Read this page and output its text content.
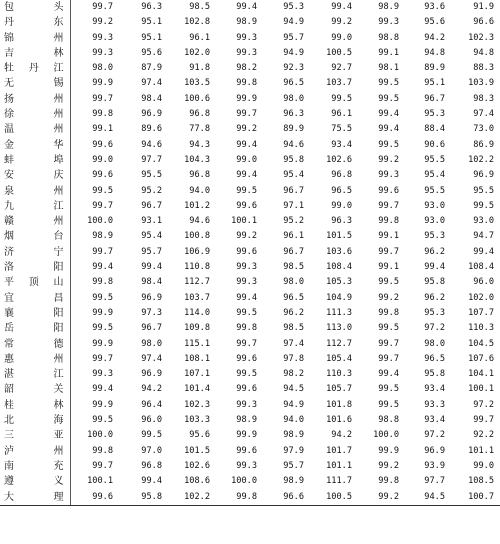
包　　头	99.7	96.3	98.5	99.4	95.3	99.4	98.9	93.6	91.9
丹　　东	99.2	95.1	102.8	98.9	94.9	99.2	99.3	95.6	96.6
锦　　州	99.3	95.1	96.1	99.3	95.7	99.0	98.8	94.2	102.3
吉　　林	99.3	95.6	102.0	99.3	94.9	100.5	99.1	94.8	94.8
牡丹江	98.0	87.9	91.8	98.2	92.3	92.7	98.1	89.9	88.3
无　　锡	99.9	97.4	103.5	99.8	96.5	103.7	99.5	95.1	103.9
扬　　州	99.7	98.4	100.6	99.9	98.0	99.5	99.5	96.7	98.3
徐　　州	99.8	96.9	96.8	99.7	96.3	96.1	99.4	95.3	97.4
温　　州	99.1	89.6	77.8	99.2	89.9	75.5	99.4	88.4	73.0
金　　华	99.6	94.6	94.3	99.4	94.6	93.4	99.5	90.6	86.9
蚌　　埠	99.0	97.7	104.3	99.0	95.8	102.6	99.2	95.5	102.2
安　　庆	99.6	95.5	96.8	99.4	95.4	96.8	99.3	95.4	96.9
泉　　州	99.5	95.2	94.0	99.5	96.7	96.5	99.6	95.5	95.5
九　　江	99.7	96.7	101.2	99.6	97.1	99.0	99.7	93.0	99.5
赣　　州	100.0	93.1	94.6	100.1	95.2	96.3	99.8	93.0	93.0
烟　　台	98.9	95.4	100.8	99.2	96.1	101.5	99.1	95.3	94.7
济　　宁	99.7	95.7	106.9	99.6	96.7	103.6	99.7	96.2	99.4
洛　　阳	99.4	99.4	110.8	99.3	98.5	108.4	99.1	99.4	108.4
平顶山	99.8	98.4	112.7	99.3	98.0	105.3	99.5	95.8	96.0
宜　　昌	99.5	96.9	103.7	99.4	96.5	104.9	99.2	96.2	102.0
襄　　阳	99.9	97.3	114.0	99.5	96.2	111.3	99.8	95.3	107.7
岳　　阳	99.5	96.7	109.8	99.8	98.5	113.0	99.5	97.2	110.3
常　　德	99.9	98.0	115.1	99.7	97.4	112.7	99.7	98.0	104.5
惠　　州	99.7	97.4	108.1	99.6	97.8	105.4	99.7	96.5	107.6
湛　　江	99.3	96.9	107.1	99.5	98.2	110.3	99.4	95.8	104.1
韶　　关	99.4	94.2	101.4	99.6	94.5	105.7	99.5	93.4	100.1
桂　　林	99.9	96.4	102.3	99.3	94.9	101.8	99.5	93.3	97.2
北　　海	99.5	96.0	103.3	98.9	94.0	101.6	98.8	93.4	99.7
三　　亚	100.0	99.5	95.6	99.9	98.9	94.2	100.0	97.2	92.2
泸　　州	99.8	97.0	101.5	99.6	97.9	101.7	99.9	96.9	101.1
南　　充	99.7	96.8	102.6	99.3	95.7	101.1	99.2	93.9	99.0
遵　　义	100.1	99.4	108.6	100.0	98.9	111.7	99.8	97.7	108.5
大　　理	99.6	95.8	102.2	99.8	96.6	100.5	99.2	94.5	100.7
